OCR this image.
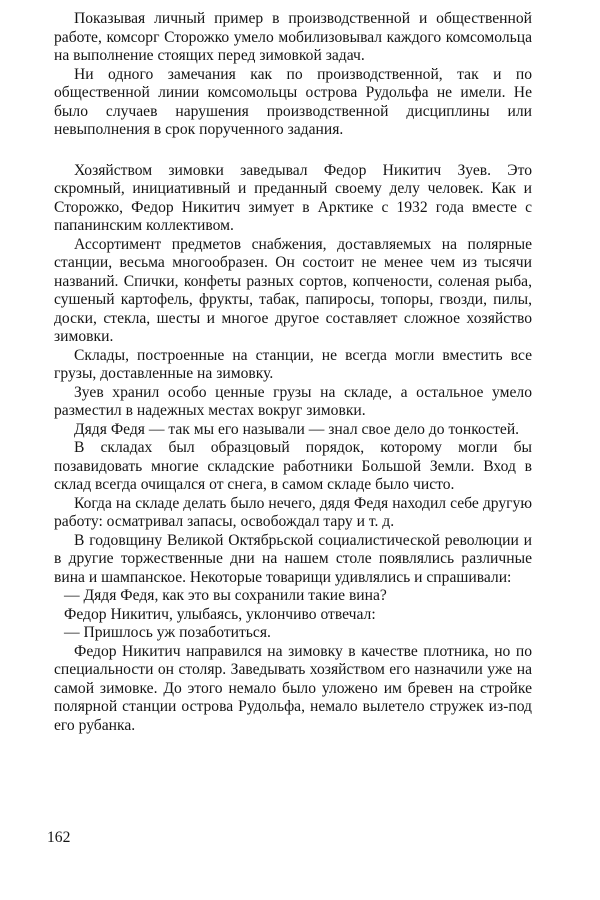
Показывая личный пример в производственной и общественной работе, комсорг Сторожко умело мобилизовывал каждого комсомольца на выполнение стоящих перед зимовкой задач.

Ни одного замечания как по производственной, так и по общественной линии комсомольцы острова Рудольфа не имели. Не было случаев нарушения производственной дисциплины или невыполнения в срок порученного задания.

Хозяйством зимовки заведывал Федор Никитич Зуев. Это скромный, инициативный и преданный своему делу человек. Как и Сторожко, Федор Никитич зимует в Арктике с 1932 года вместе с папанинским коллективом.

Ассортимент предметов снабжения, доставляемых на полярные станции, весьма многообразен. Он состоит не менее чем из тысячи названий. Спички, конфеты разных сортов, копчености, соленая рыба, сушеный картофель, фрукты, табак, папиросы, топоры, гвозди, пилы, доски, стекла, шесты и многое другое составляет сложное хозяйство зимовки.

Склады, построенные на станции, не всегда могли вместить все грузы, доставленные на зимовку.

Зуев хранил особо ценные грузы на складе, а остальное умело разместил в надежных местах вокруг зимовки.

Дядя Федя — так мы его называли — знал свое дело до тонкостей.

В складах был образцовый порядок, которому могли бы позавидовать многие складские работники Большой Земли. Вход в склад всегда очищался от снега, в самом складе было чисто.

Когда на складе делать было нечего, дядя Федя находил себе другую работу: осматривал запасы, освобождал тару и т. д.

В годовщину Великой Октябрьской социалистической революции и в другие торжественные дни на нашем столе появлялись различные вина и шампанское. Некоторые товарищи удивлялись и спрашивали:

— Дядя Федя, как это вы сохранили такие вина?

Федор Никитич, улыбаясь, уклончиво отвечал:

— Пришлось уж позаботиться.

Федор Никитич направился на зимовку в качестве плотника, но по специальности он столяр. Заведывать хозяйством его назначили уже на самой зимовке. До этого немало было уложено им бревен на стройке полярной станции острова Рудольфа, немало вылетело стружек из-под его рубанка.

162
